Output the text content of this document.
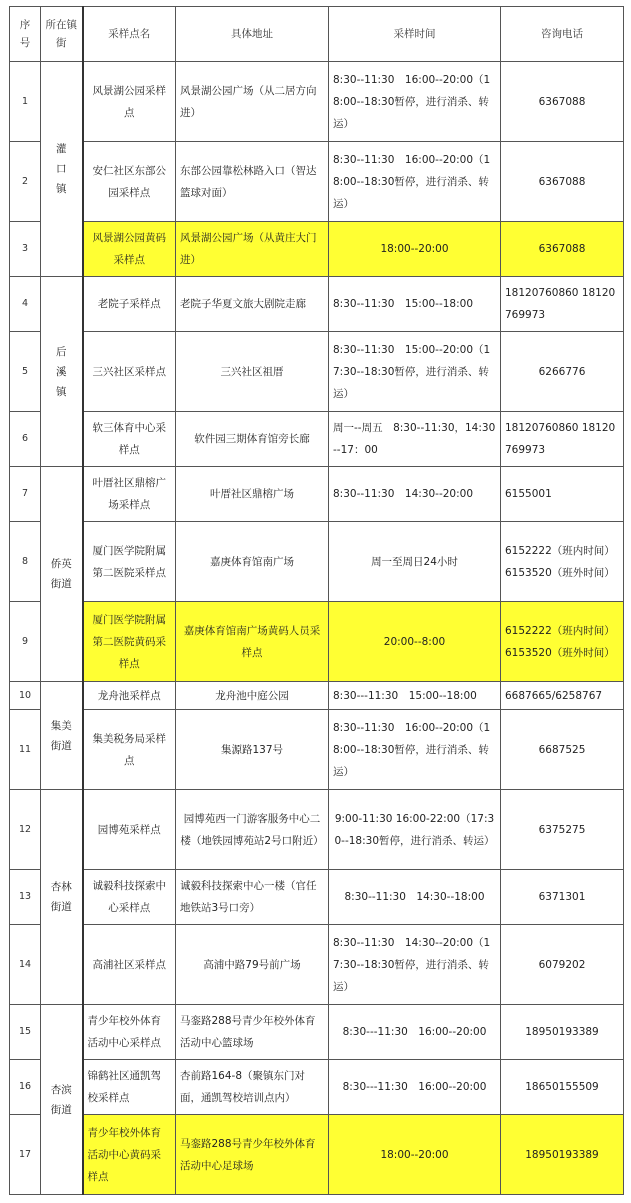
序号	所在镇街	采样点名	具体地址	采样时间	咨询电话
1	灌口镇	风景湖公园采样点	风景湖公园广场（从二居方向进）	8:30--11:30　16:00--20:00（18:00--18:30暂停，进行消杀、转运）	6367088
2		安仁社区东部公园采样点	东部公园靠松林路入口（智达篮球对面）	8:30--11:30　16:00--20:00（18:00--18:30暂停，进行消杀、转运）	6367088
3		风景湖公园黄码采样点	风景湖公园广场（从黄庄大门进）	18:00--20:00	6367088
4	后溪镇	老院子采样点	老院子华夏文旅大剧院走廊	8:30--11:30　15:00--18:00	18120760860 18120769973
5		三兴社区采样点	三兴社区祖厝	8:30--11:30　15:00--20:00（17:30--18:30暂停，进行消杀、转运）	6266776
6		软三体育中心采样点	软件园三期体育馆旁长廊	周一--周五　8:30--11:30，14:30--17：00	18120760860 18120769973
7	侨英街道	叶厝社区鼎榕广场采样点	叶厝社区鼎榕广场	8:30--11:30　14:30--20:00	6155001
8		厦门医学院附属第二医院采样点	嘉庚体育馆南广场	周一至周日24小时	6152222（班内时间）6153520（班外时间）
9		厦门医学院附属第二医院黄码采样点	嘉庚体育馆南广场黄码人员采样点	20:00--8:00	6152222（班内时间）6153520（班外时间）
10	集美街道	龙舟池采样点	龙舟池中庭公园	8:30---11:30　15:00--18:00	6687665/6258767
11		集美税务局采样点	集源路137号	8:30--11:30　16:00--20:00（18:00--18:30暂停，进行消杀、转运）	6687525
12	杏林街道	园博苑采样点	园博苑西一门游客服务中心二楼（地铁园博苑站2号口附近）	9:00-11:30 16:00-22:00（17:30--18:30暂停，进行消杀、转运）	6375275
13		诚毅科技探索中心采样点	诚毅科技探索中心一楼（官任地铁站3号口旁）	8:30--11:30　14:30--18:00	6371301
14		高浦社区采样点	高浦中路79号前广场	8:30--11:30　14:30--20:00（17:30--18:30暂停，进行消杀、转运）	6079202
15	杏滨街道	青少年校外体育活动中心采样点	马銮路288号青少年校外体育活动中心篮球场	8:30---11:30　16:00--20:00	18950193389
16		锦鹤社区通凯驾校采样点	杏前路164-8（聚镇东门对面，通凯驾校培训点内）	8:30---11:30　16:00--20:00	18650155509
17		青少年校外体育活动中心黄码采样点	马銮路288号青少年校外体育活动中心足球场	18:00--20:00	18950193389
